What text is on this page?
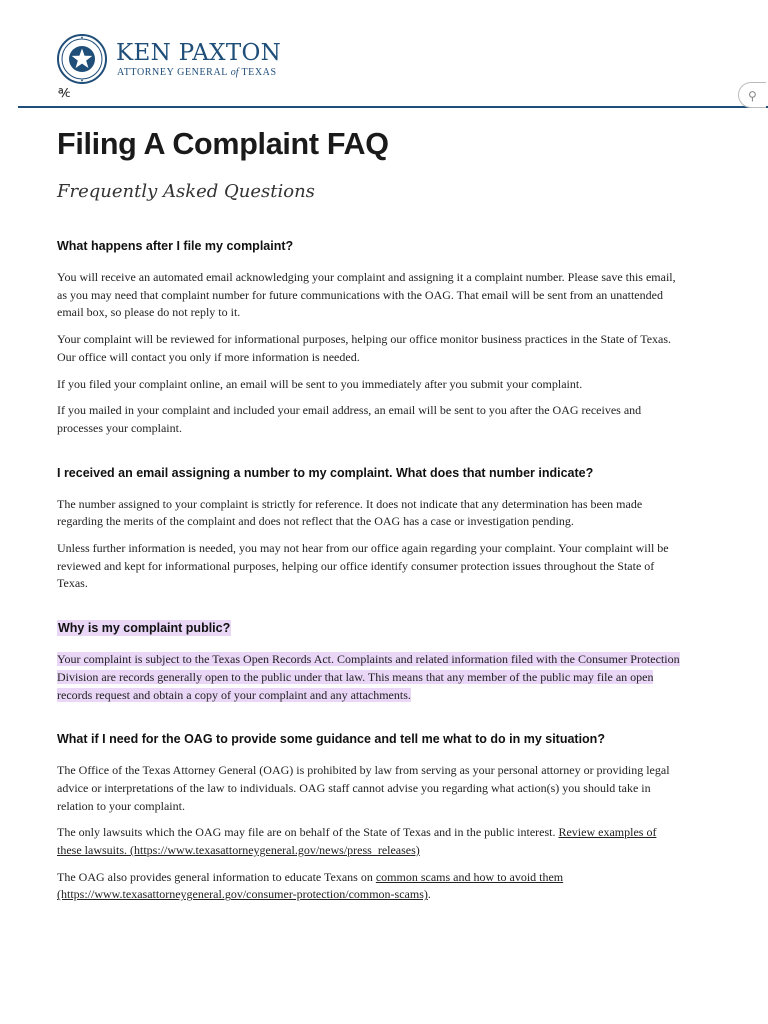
KEN PAXTON
ATTORNEY GENERAL of TEXAS
℀	⚲
Filing A Complaint FAQ
Frequently Asked Questions
What happens after I file my complaint?

You will receive an automated email acknowledging your complaint and assigning it a complaint number. Please save this email, as you may need that complaint number for future communications with the OAG. That email will be sent from an unattended email box, so please do not reply to it.

Your complaint will be reviewed for informational purposes, helping our office monitor business practices in the State of Texas. Our office will contact you only if more information is needed.

If you filed your complaint online, an email will be sent to you immediately after you submit your complaint.

If you mailed in your complaint and included your email address, an email will be sent to you after the OAG receives and processes your complaint.

I received an email assigning a number to my complaint. What does that number indicate?

The number assigned to your complaint is strictly for reference. It does not indicate that any determination has been made regarding the merits of the complaint and does not reflect that the OAG has a case or investigation pending.

Unless further information is needed, you may not hear from our office again regarding your complaint. Your complaint will be reviewed and kept for informational purposes, helping our office identify consumer protection issues throughout the State of Texas.

Why is my complaint public?

Your complaint is subject to the Texas Open Records Act. Complaints and related information filed with the Consumer Protection Division are records generally open to the public under that law. This means that any member of the public may file an open records request and obtain a copy of your complaint and any attachments.

What if I need for the OAG to provide some guidance and tell me what to do in my situation?

The Office of the Texas Attorney General (OAG) is prohibited by law from serving as your personal attorney or providing legal advice or interpretations of the law to individuals. OAG staff cannot advise you regarding what action(s) you should take in relation to your complaint.

The only lawsuits which the OAG may file are on behalf of the State of Texas and in the public interest. Review examples of these lawsuits. (https://www.texasattorneygeneral.gov/news/press_releases)

The OAG also provides general information to educate Texans on common scams and how to avoid them (https://www.texasattorneygeneral.gov/consumer-protection/common-scams).
